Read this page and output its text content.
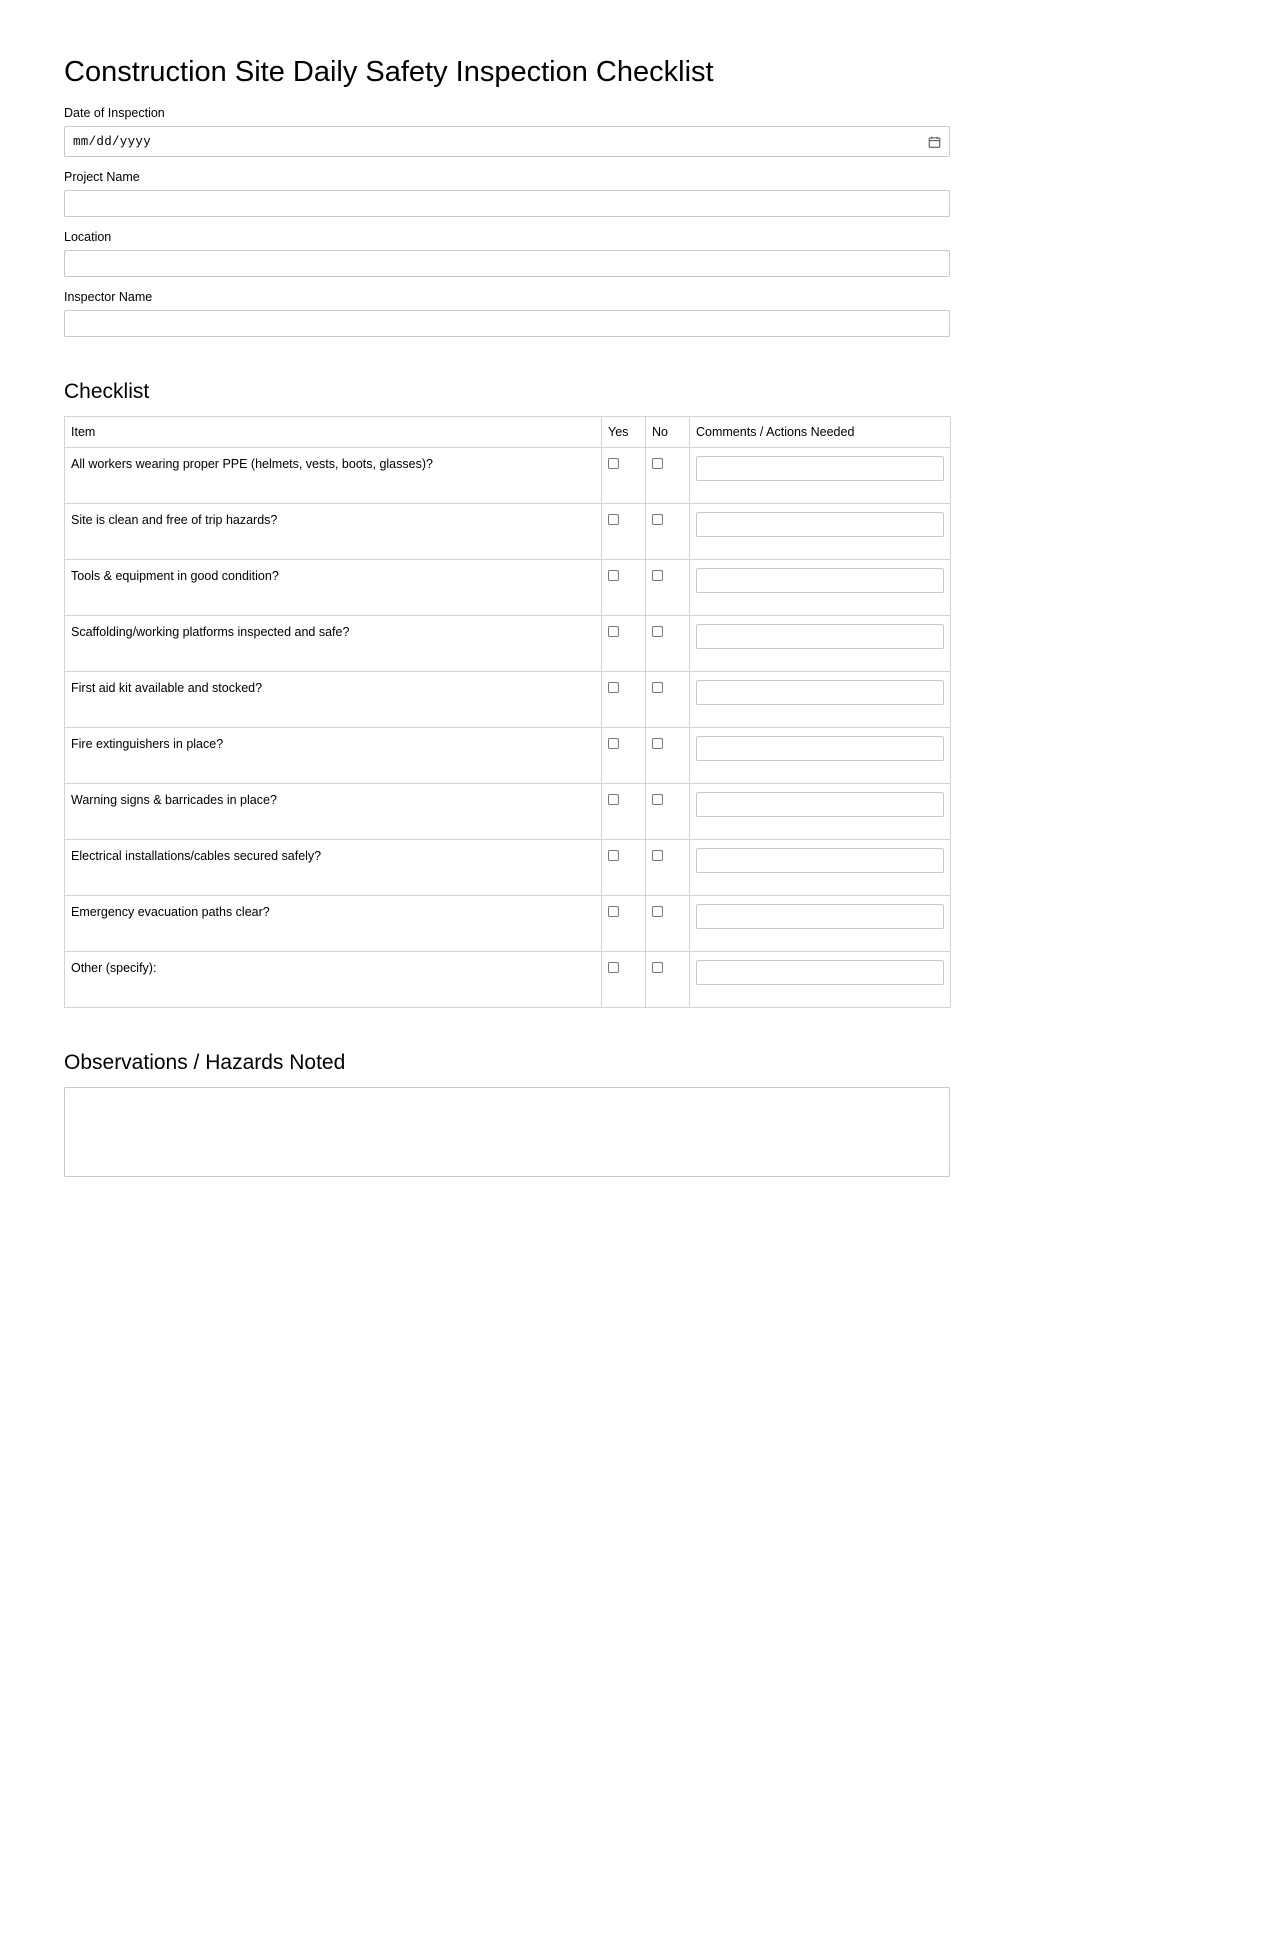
Construction Site Daily Safety Inspection Checklist
Date of Inspection
mm/dd/yyyy
Project Name
Location
Inspector Name
Checklist
Item	Yes	No	Comments / Actions Needed
All workers wearing proper PPE (helmets, vests, boots, glasses)?			

Site is clean and free of trip hazards?			

Tools & equipment in good condition?			

Scaffolding/working platforms inspected and safe?			

First aid kit available and stocked?			

Fire extinguishers in place?			

Warning signs & barricades in place?			

Electrical installations/cables secured safely?			

Emergency evacuation paths clear?			

Other (specify):			
Observations / Hazards Noted
